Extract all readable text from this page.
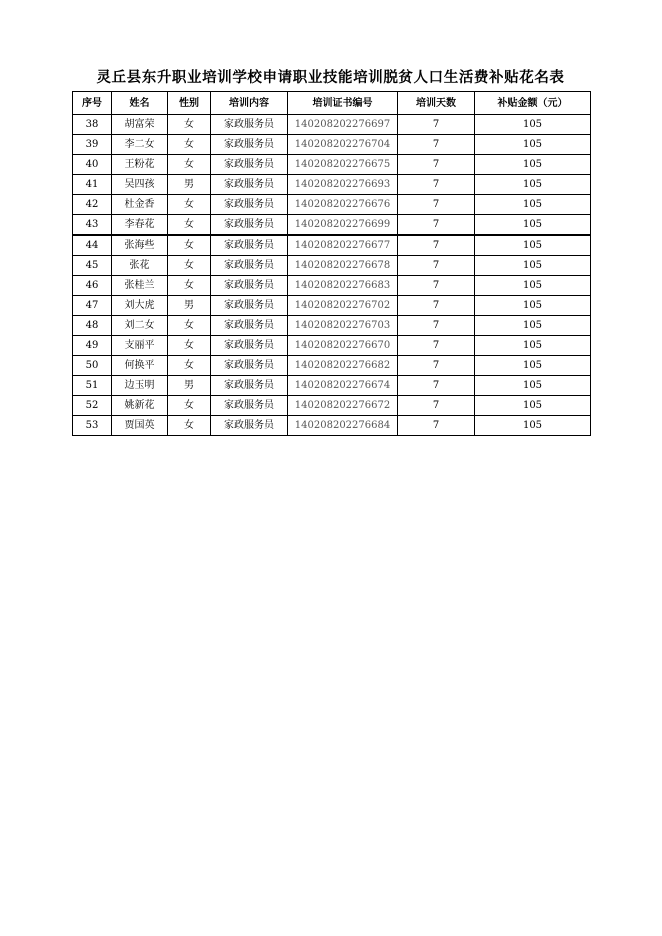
灵丘县东升职业培训学校申请职业技能培训脱贫人口生活费补贴花名表
序号	姓名	性别	培训内容	培训证书编号	培训天数	补贴金额（元）
38	胡富荣	女	家政服务员	140208202276697	7	105
39	李二女	女	家政服务员	140208202276704	7	105
40	王粉花	女	家政服务员	140208202276675	7	105
41	吴四孩	男	家政服务员	140208202276693	7	105
42	杜金香	女	家政服务员	140208202276676	7	105
43	李春花	女	家政服务员	140208202276699	7	105
44	张海些	女	家政服务员	140208202276677	7	105
45	张花	女	家政服务员	140208202276678	7	105
46	张桂兰	女	家政服务员	140208202276683	7	105
47	刘大虎	男	家政服务员	140208202276702	7	105
48	刘二女	女	家政服务员	140208202276703	7	105
49	支丽平	女	家政服务员	140208202276670	7	105
50	何换平	女	家政服务员	140208202276682	7	105
51	边玉明	男	家政服务员	140208202276674	7	105
52	姚新花	女	家政服务员	140208202276672	7	105
53	贾国英	女	家政服务员	140208202276684	7	105
